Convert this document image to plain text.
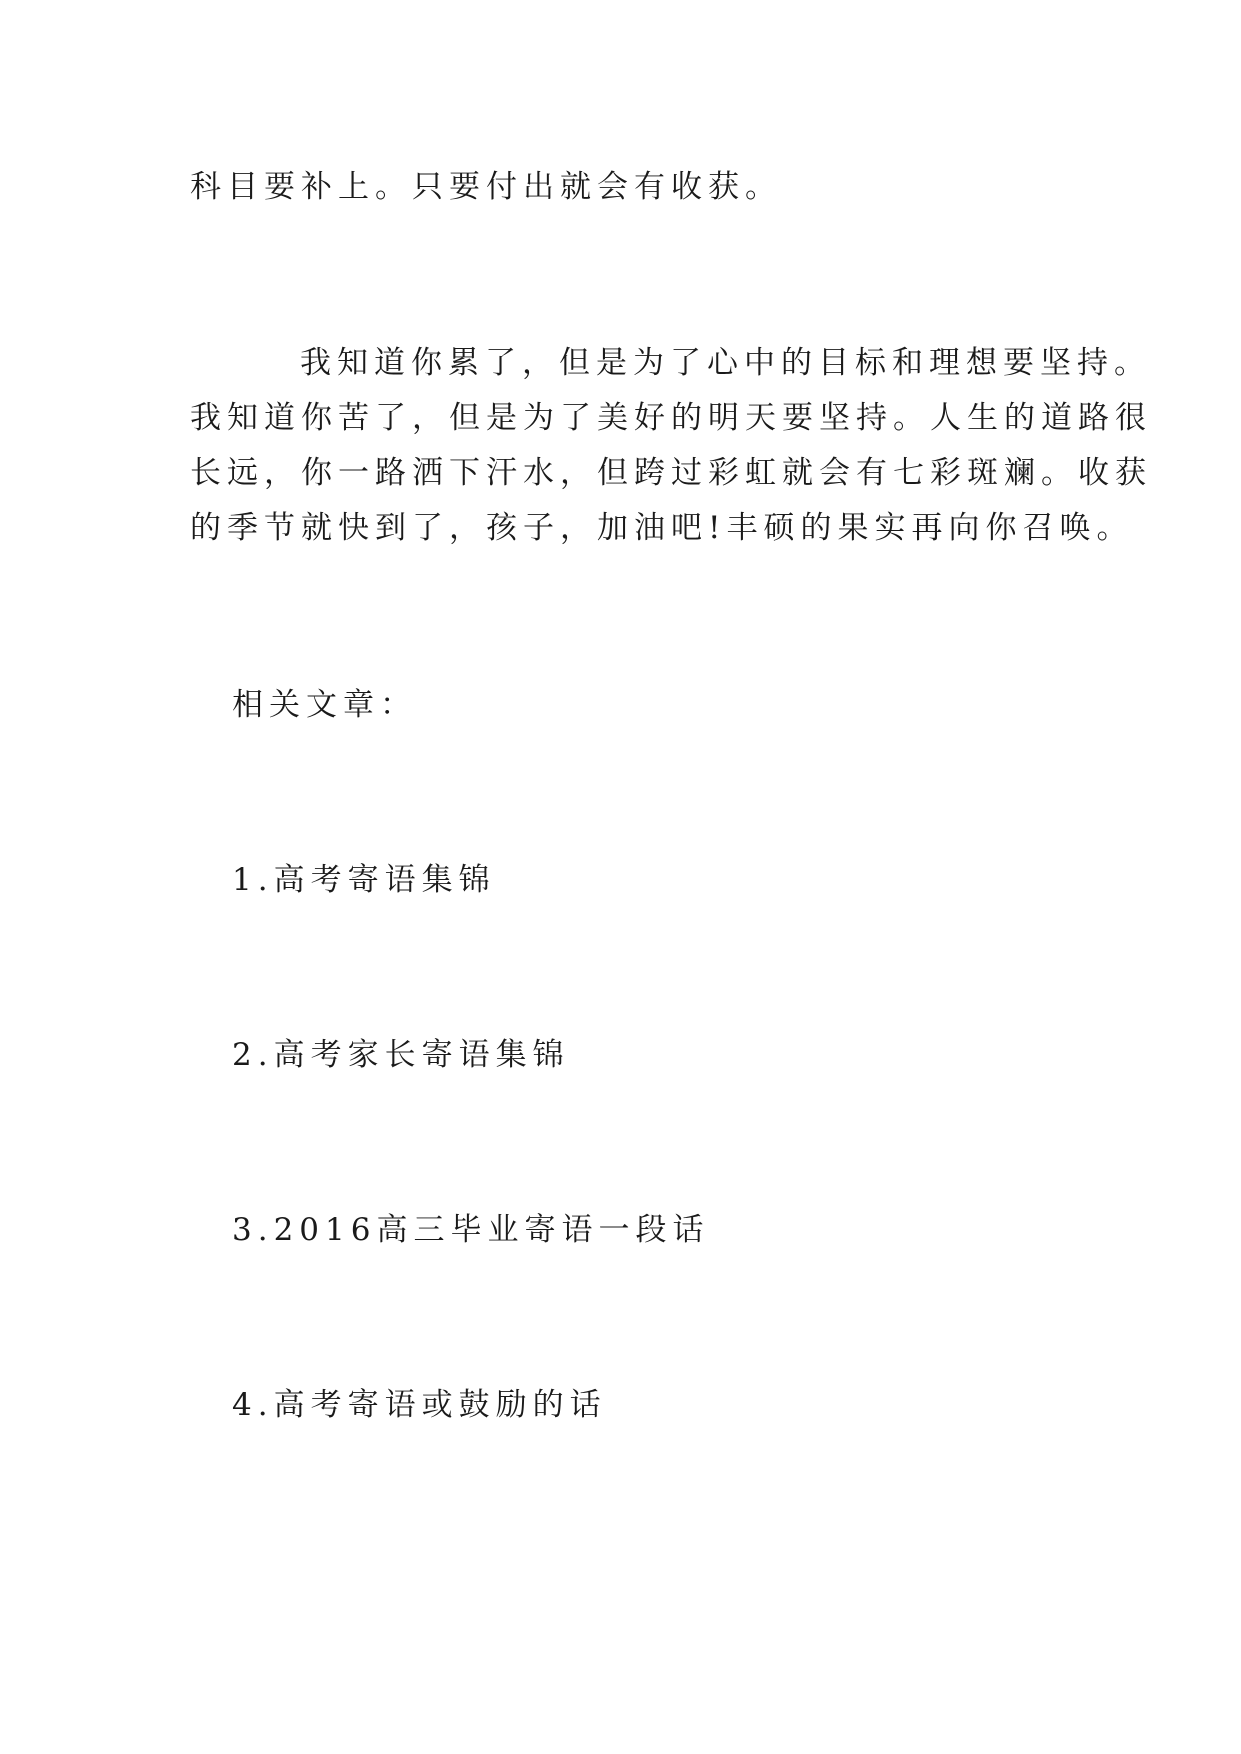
科目要补上。只要付出就会有收获。
我知道你累了，但是为了心中的目标和理想要坚持。
我知道你苦了，但是为了美好的明天要坚持。人生的道路很
长远，你一路洒下汗水，但跨过彩虹就会有七彩斑斓。收获
的季节就快到了，孩子，加油吧!丰硕的果实再向你召唤。
相关文章：
1.高考寄语集锦
2.高考家长寄语集锦
3.2016高三毕业寄语一段话
4.高考寄语或鼓励的话
